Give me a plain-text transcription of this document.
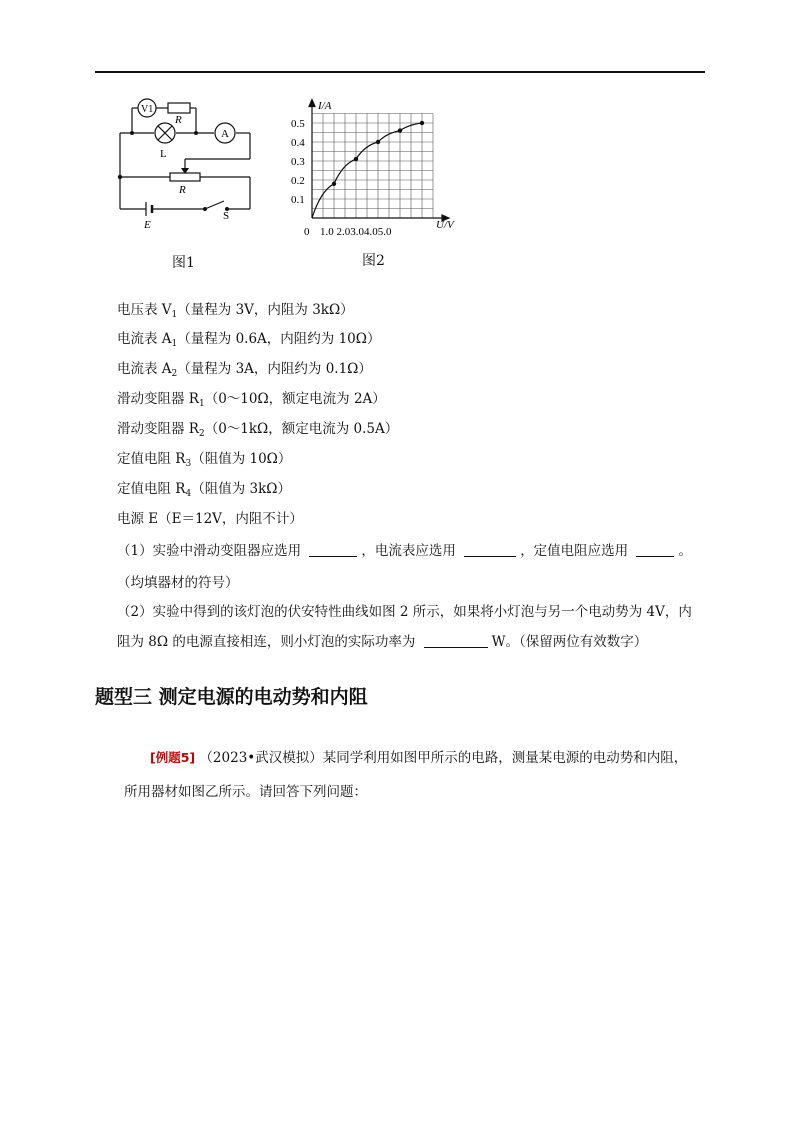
V1
R
L
A
R
E
S
图1
0.1
0.2
0.3
0.4
0.5
I/A
U/V
0 1.0 2.03.04.05.0
图2
电压表 $V_1$（量程为 3V，内阻为 3kΩ）
电流表 $A_1$（量程为 0.6A，内阻约为 10Ω）
电流表 $A_2$（量程为 3A，内阻约为 0.1Ω）
滑动变阻器 $R_1(0\sim 10\Omega$，额定电流为 2A）
滑动变阻器 $R_2(0\sim 1k\Omega$，额定电流为 0.5A）
定值电阻 $R_3$（阻值为 10Ω）
定值电阻 $R_4$（阻值为 3kΩ）
电源 E（E＝12V，内阻不计）
（1）实验中滑动变阻器应选用	，电流表应选用	，定值电阻应选用	。
（均填器材的符号）
（2）实验中得到的该灯泡的伏安特性曲线如图 2 所示，如果将小灯泡与另一个电动势为 4V，内
阻为 8Ω 的电源直接相连，则小灯泡的实际功率为	W。（保留两位有效数字）
题型三 测定电源的电动势和内阻
[例题5] （2023•武汉模拟）某同学利用如图甲所示的电路，测量某电源的电动势和内阻，
所用器材如图乙所示。请回答下列问题：
